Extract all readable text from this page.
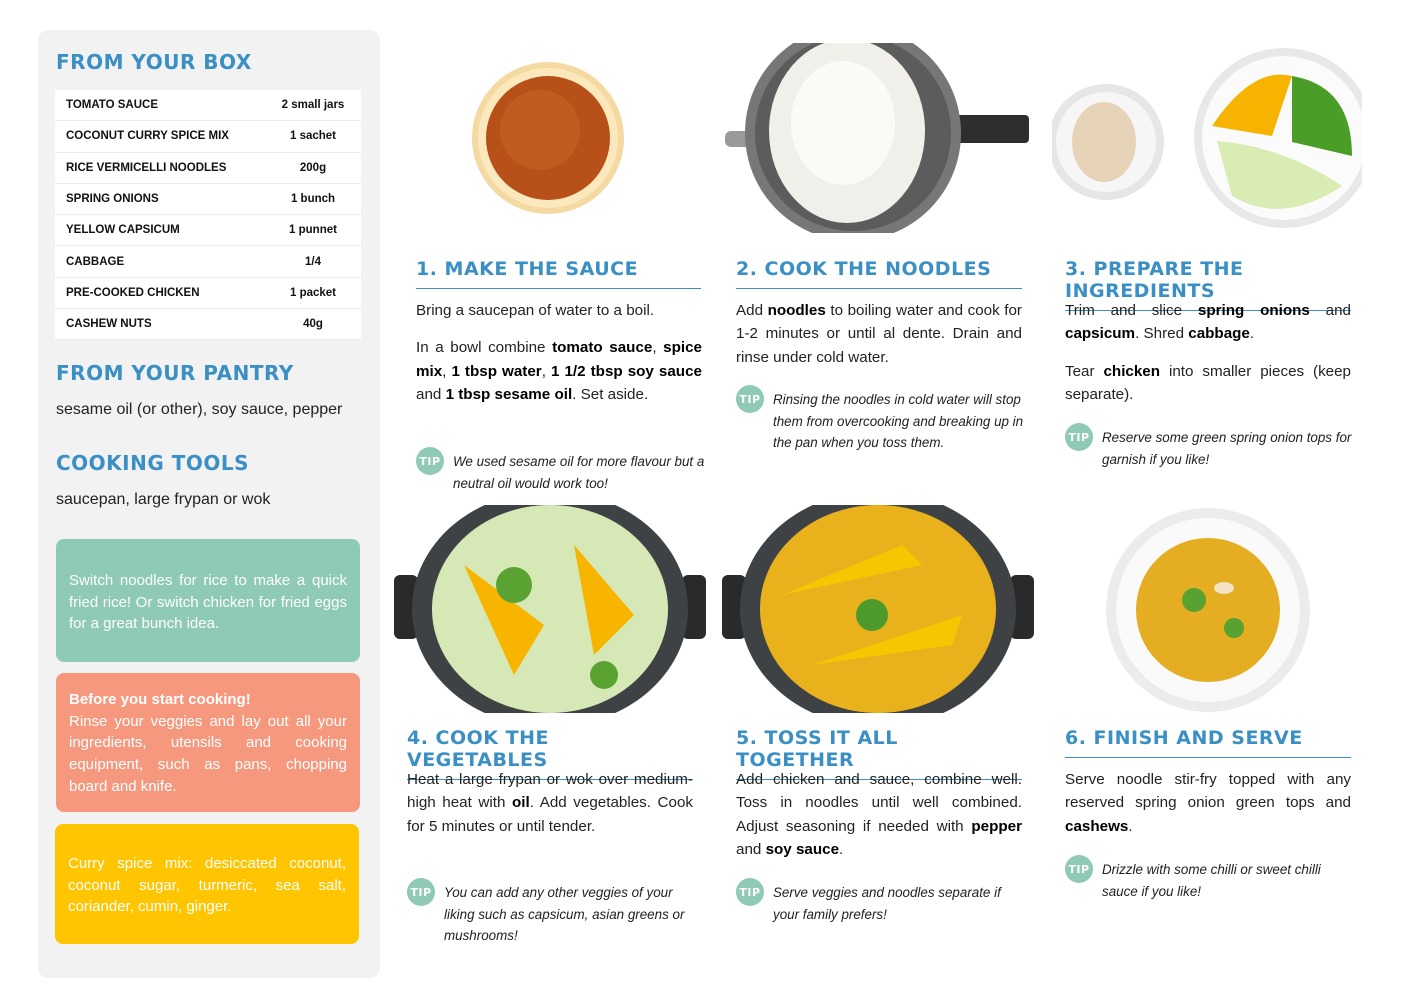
FROM YOUR BOX
TOMATO SAUCE	2 small jars
COCONUT CURRY SPICE MIX	1 sachet
RICE VERMICELLI NOODLES	200g
SPRING ONIONS	1 bunch
YELLOW CAPSICUM	1 punnet
CABBAGE	1/4
PRE-COOKED CHICKEN	1 packet
CASHEW NUTS	40g
FROM YOUR PANTRY
sesame oil (or other), soy sauce, pepper
COOKING TOOLS
saucepan, large frypan or wok
Switch noodles for rice to make a quick fried rice! Or switch chicken for fried eggs for a great bunch idea.
Before you start cooking!
Rinse your veggies and lay out all your ingredients, utensils and cooking equipment, such as pans, chopping board and knife.
Curry spice mix: desiccated coconut, coconut sugar, turmeric, sea salt, coriander, cumin, ginger.
1. MAKE THE SAUCE	2. COOK THE NOODLES	3. PREPARE THE INGREDIENTS
4. COOK THE VEGETABLES
5. TOSS IT ALL TOGETHER
6. FINISH AND SERVE

Bring a saucepan of water to a boil.

In a bowl combine tomato sauce, spice mix, 1 tbsp water, 1 1/2 tbsp soy sauce and 1 tbsp sesame oil. Set aside.

Add noodles to boiling water and cook for 1-2 minutes or until al dente. Drain and rinse under cold water.

Trim and slice spring onions and capsicum. Shred cabbage.

Tear chicken into smaller pieces (keep separate).

Heat a large frypan or wok over medium-high heat with oil. Add vegetables. Cook for 5 minutes or until tender.

Add chicken and sauce, combine well. Toss in noodles until well combined. Adjust seasoning if needed with pepper and soy sauce.

Serve noodle stir-fry topped with any reserved spring onion green tops and cashews.

TIP We used sesame oil for more flavour but a neutral oil would work too!
TIP Rinsing the noodles in cold water will stop them from overcooking and breaking up in the pan when you toss them.	TIP Reserve some green spring onion tops for garnish if you like!
TIP You can add any other veggies of your liking such as capsicum, asian greens or mushrooms!
TIP Serve veggies and noodles separate if your family prefers!
TIP Drizzle with some chilli or sweet chilli sauce if you like!
